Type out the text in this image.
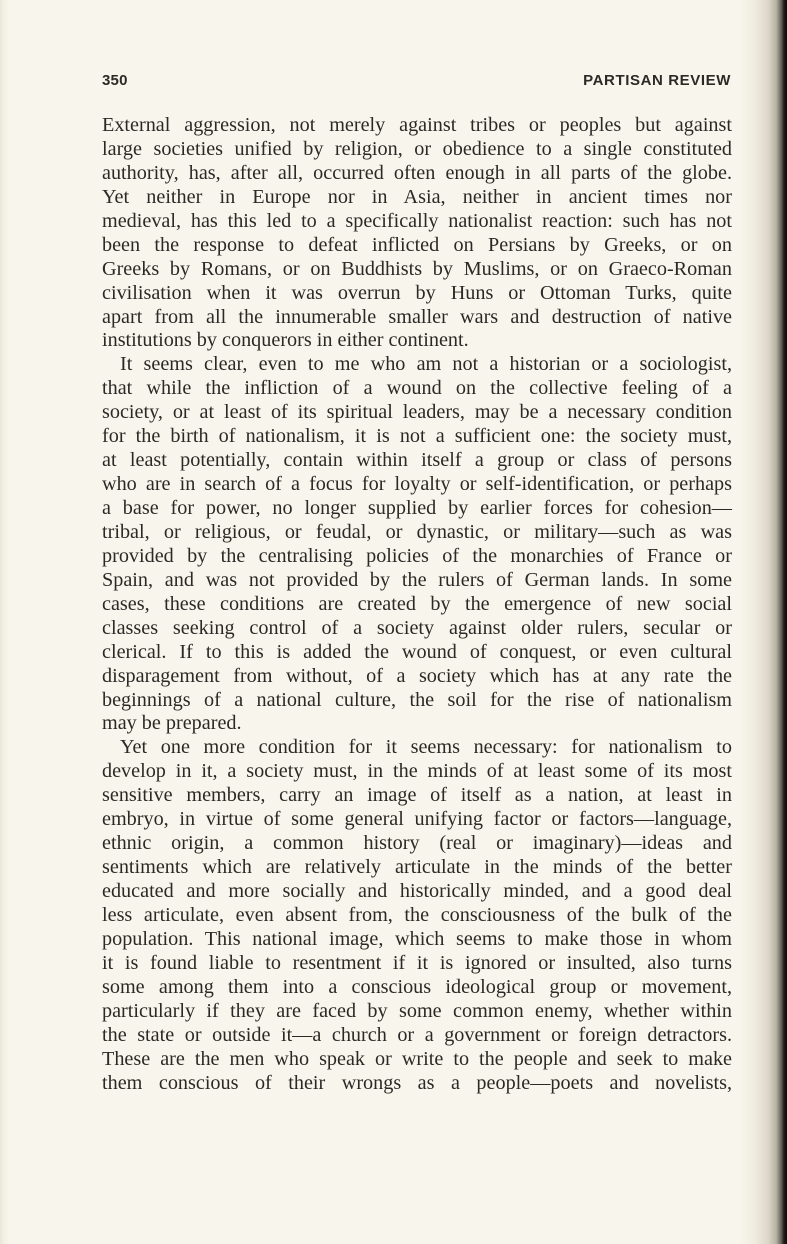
350	PARTISAN REVIEW
External aggression, not merely against tribes or peoples but against
large societies unified by religion, or obedience to a single constituted
authority, has, after all, occurred often enough in all parts of the globe.
Yet neither in Europe nor in Asia, neither in ancient times nor
medieval, has this led to a specifically nationalist reaction: such has not
been the response to defeat inflicted on Persians by Greeks, or on
Greeks by Romans, or on Buddhists by Muslims, or on Graeco-Roman
civilisation when it was overrun by Huns or Ottoman Turks, quite
apart from all the innumerable smaller wars and destruction of native
institutions by conquerors in either continent.
It seems clear, even to me who am not a historian or a sociologist,
that while the infliction of a wound on the collective feeling of a
society, or at least of its spiritual leaders, may be a necessary condition
for the birth of nationalism, it is not a sufficient one: the society must,
at least potentially, contain within itself a group or class of persons
who are in search of a focus for loyalty or self-identification, or perhaps
a base for power, no longer supplied by earlier forces for cohesion—
tribal, or religious, or feudal, or dynastic, or military—such as was
provided by the centralising policies of the monarchies of France or
Spain, and was not provided by the rulers of German lands. In some
cases, these conditions are created by the emergence of new social
classes seeking control of a society against older rulers, secular or
clerical. If to this is added the wound of conquest, or even cultural
disparagement from without, of a society which has at any rate the
beginnings of a national culture, the soil for the rise of nationalism
may be prepared.
Yet one more condition for it seems necessary: for nationalism to
develop in it, a society must, in the minds of at least some of its most
sensitive members, carry an image of itself as a nation, at least in
embryo, in virtue of some general unifying factor or factors—language,
ethnic origin, a common history (real or imaginary)—ideas and
sentiments which are relatively articulate in the minds of the better
educated and more socially and historically minded, and a good deal
less articulate, even absent from, the consciousness of the bulk of the
population. This national image, which seems to make those in whom
it is found liable to resentment if it is ignored or insulted, also turns
some among them into a conscious ideological group or movement,
particularly if they are faced by some common enemy, whether within
the state or outside it—a church or a government or foreign detractors.
These are the men who speak or write to the people and seek to make
them conscious of their wrongs as a people—poets and novelists,
